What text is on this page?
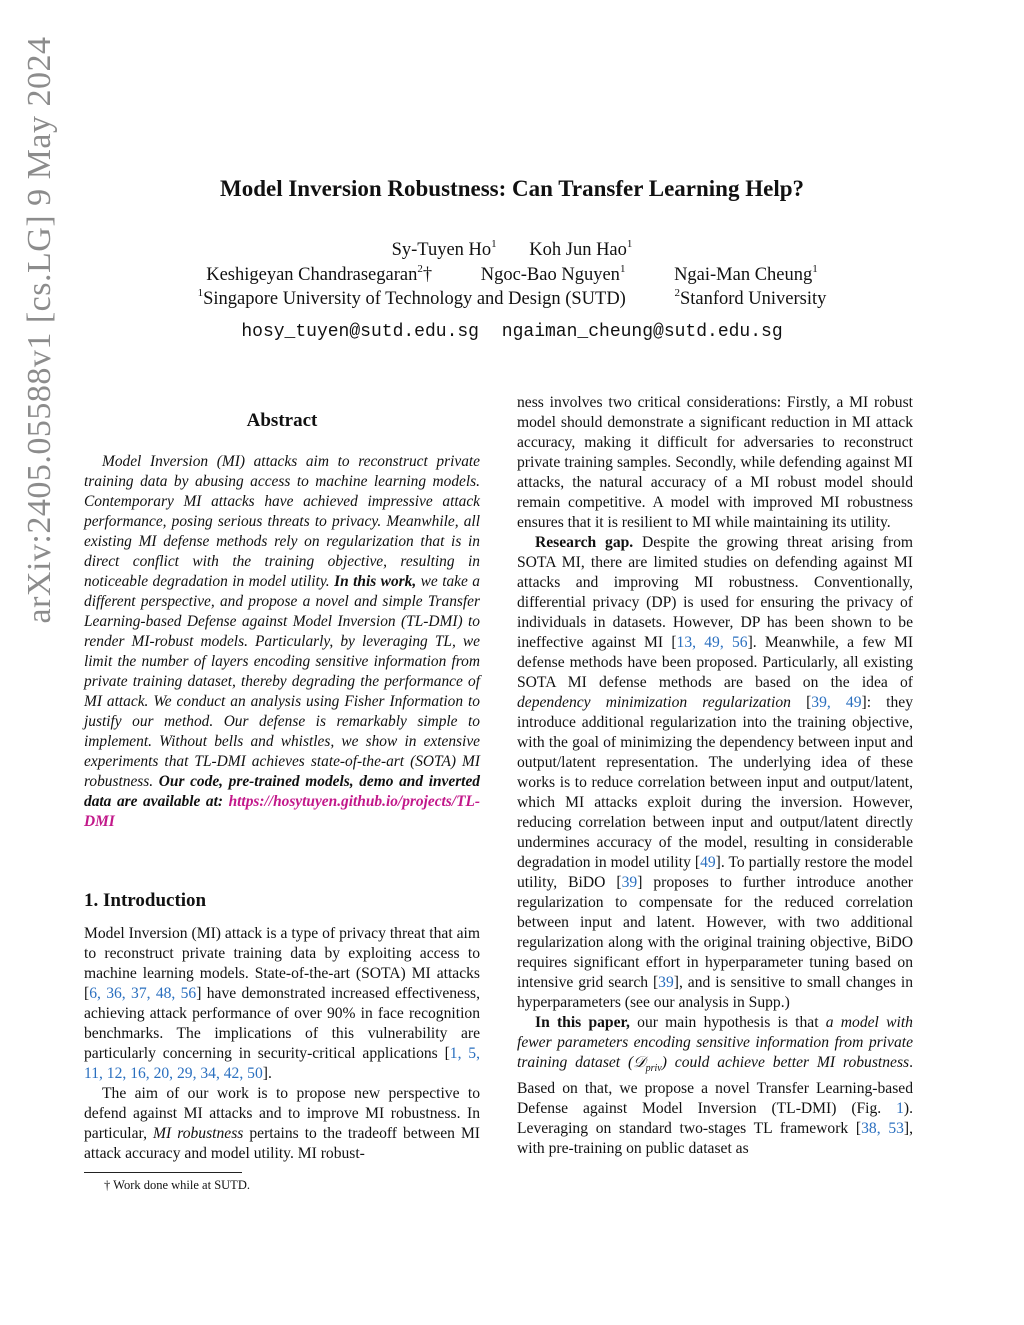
arXiv:2405.05588v1 [cs.LG] 9 May 2024	Model Inversion Robustness: Can Transfer Learning Help?
Sy-Tuyen Ho$^1$ Koh Jun Hao$^1$
Keshigeyan Chandrasegaran$^2$†	Ngoc-Bao Nguyen$^1$	Ngai-Man Cheung$^1$
$^1$Singapore University of Technology and Design (SUTD)	$^2$Stanford University
hosy_tuyen@sutd.edu.sg ngaiman_cheung@sutd.edu.sg
Abstract

Model Inversion (MI) attacks aim to reconstruct private training data by abusing access to machine learning models. Contemporary MI attacks have achieved impressive attack performance, posing serious threats to privacy. Meanwhile, all existing MI defense methods rely on regularization that is in direct conflict with the training objective, resulting in noticeable degradation in model utility. In this work, we take a different perspective, and propose a novel and simple Transfer Learning-based Defense against Model Inversion (TL-DMI) to render MI-robust models. Particularly, by leveraging TL, we limit the number of layers encoding sensitive information from private training dataset, thereby degrading the performance of MI attack. We conduct an analysis using Fisher Information to justify our method. Our defense is remarkably simple to implement. Without bells and whistles, we show in extensive experiments that TL-DMI achieves state-of-the-art (SOTA) MI robustness. Our code, pre-trained models, demo and inverted data are available at: https://hosytuyen.github.io/projects/TL-DMI

1. Introduction

Model Inversion (MI) attack is a type of privacy threat that aim to reconstruct private training data by exploiting access to machine learning models. State-of-the-art (SOTA) MI attacks [6, 36, 37, 48, 56] have demonstrated increased effectiveness, achieving attack performance of over 90% in face recognition benchmarks. The implications of this vulnerability are particularly concerning in security-critical applications [1, 5, 11, 12, 16, 20, 29, 34, 42, 50].

The aim of our work is to propose new perspective to defend against MI attacks and to improve MI robustness. In particular, MI robustness pertains to the tradeoff between MI attack accuracy and model utility. MI robust-

† Work done while at SUTD.

ness involves two critical considerations: Firstly, a MI robust model should demonstrate a significant reduction in MI attack accuracy, making it difficult for adversaries to reconstruct private training samples. Secondly, while defending against MI attacks, the natural accuracy of a MI robust model should remain competitive. A model with improved MI robustness ensures that it is resilient to MI while maintaining its utility.

Research gap. Despite the growing threat arising from SOTA MI, there are limited studies on defending against MI attacks and improving MI robustness. Conventionally, differential privacy (DP) is used for ensuring the privacy of individuals in datasets. However, DP has been shown to be ineffective against MI [13, 49, 56]. Meanwhile, a few MI defense methods have been proposed. Particularly, all existing SOTA MI defense methods are based on the idea of dependency minimization regularization [39, 49]: they introduce additional regularization into the training objective, with the goal of minimizing the dependency between input and output/latent representation. The underlying idea of these works is to reduce correlation between input and output/latent, which MI attacks exploit during the inversion. However, reducing correlation between input and output/latent directly undermines accuracy of the model, resulting in considerable degradation in model utility [49]. To partially restore the model utility, BiDO [39] proposes to further introduce another regularization to compensate for the reduced correlation between input and latent. However, with two additional regularization along with the original training objective, BiDO requires significant effort in hyperparameter tuning based on intensive grid search [39], and is sensitive to small changes in hyperparameters (see our analysis in Supp.)

In this paper, our main hypothesis is that a model with fewer parameters encoding sensitive information from private training dataset (𝒟$_{priv}$) could achieve better MI robustness. Based on that, we propose a novel Transfer Learning-based Defense against Model Inversion (TL-DMI) (Fig. 1). Leveraging on standard two-stages TL framework [38, 53], with pre-training on public dataset as
